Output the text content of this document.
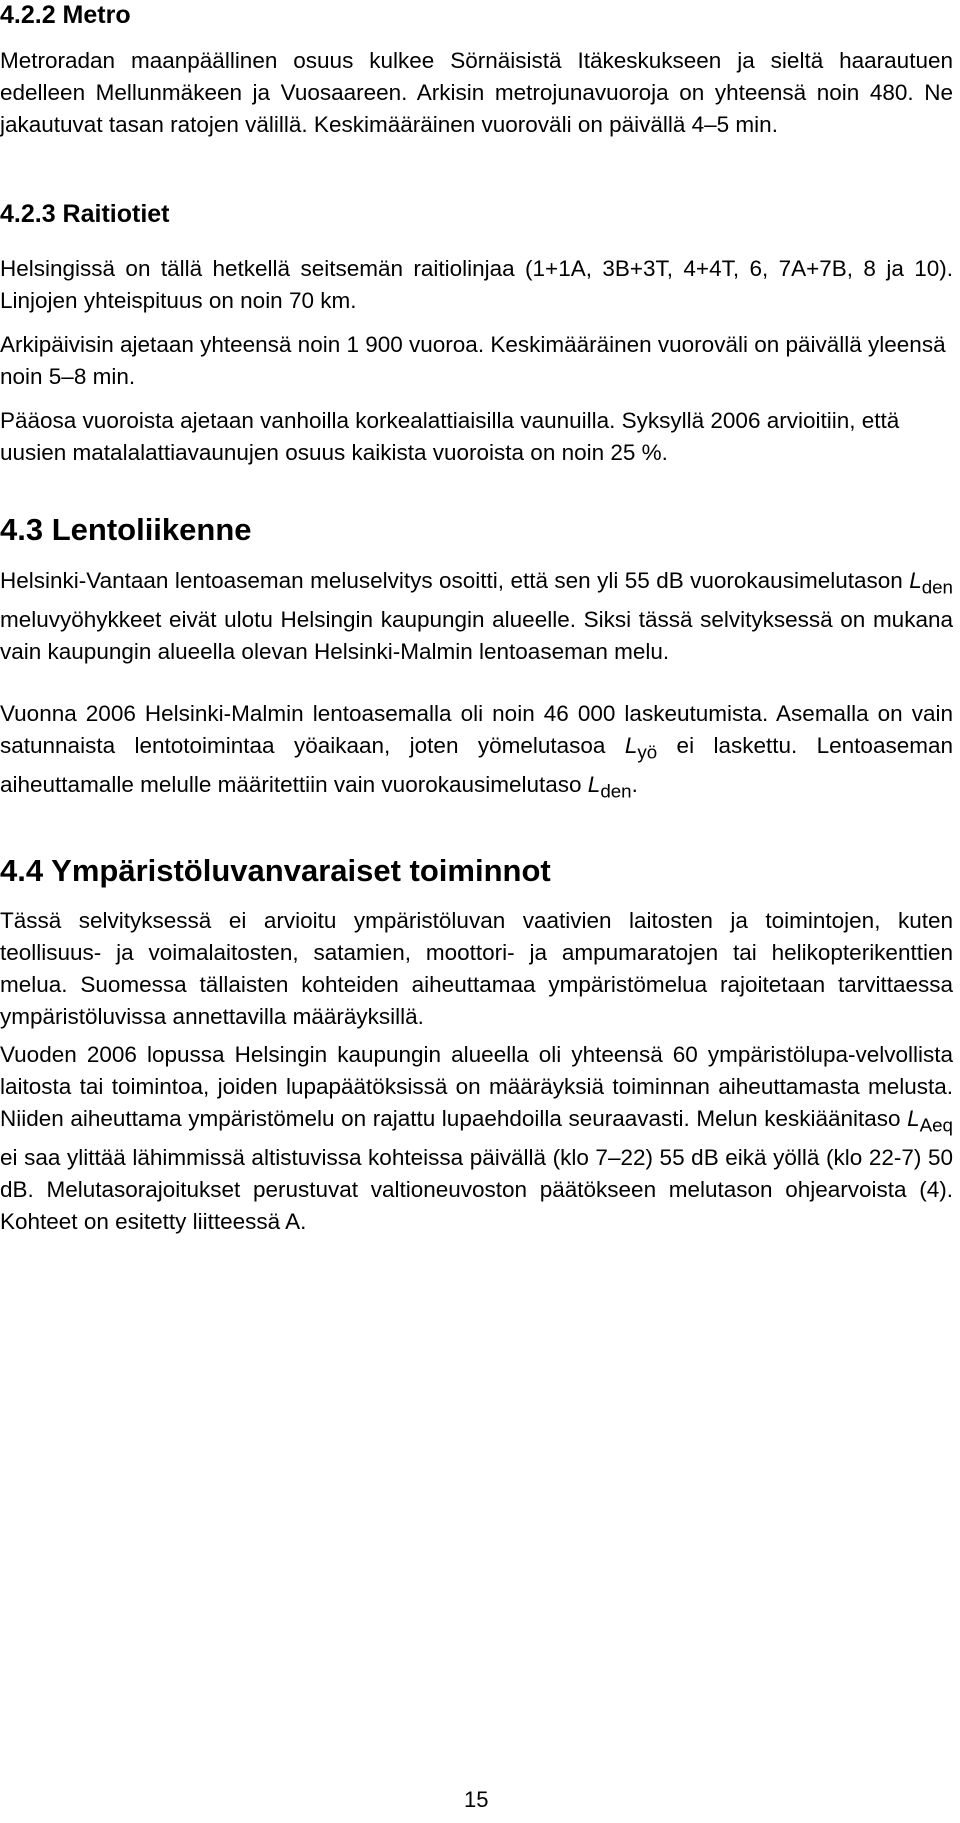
4.2.2 Metro

Metroradan maanpäällinen osuus kulkee Sörnäisistä Itäkeskukseen ja sieltä haarautuen edelleen Mellunmäkeen ja Vuosaareen. Arkisin metrojunavuoroja on yhteensä noin 480. Ne jakautuvat tasan ratojen välillä. Keskimääräinen vuoroväli on päivällä 4–5 min.

4.2.3 Raitiotiet

Helsingissä on tällä hetkellä seitsemän raitiolinjaa (1+1A, 3B+3T, 4+4T, 6, 7A+7B, 8 ja 10). Linjojen yhteispituus on noin 70 km.

Arkipäivisin ajetaan yhteensä noin 1 900 vuoroa. Keskimääräinen vuoroväli on päivällä yleensä noin 5–8 min.

Pääosa vuoroista ajetaan vanhoilla korkealattiaisilla vaunuilla. Syksyllä 2006 arvioitiin, että uusien matalalattiavaunujen osuus kaikista vuoroista on noin 25 %.

4.3 Lentoliikenne

Helsinki-Vantaan lentoaseman meluselvitys osoitti, että sen yli 55 dB vuorokausimelutason $L_{den}$ meluvyöhykkeet eivät ulotu Helsingin kaupungin alueelle. Siksi tässä selvityksessä on mukana vain kaupungin alueella olevan Helsinki-Malmin lentoaseman melu.

Vuonna 2006 Helsinki-Malmin lentoasemalla oli noin 46 000 laskeutumista. Asemalla on vain satunnaista lentotoimintaa yöaikaan, joten yömelutasoa $L_{yö}$ ei laskettu. Lentoaseman aiheuttamalle melulle määritettiin vain vuorokausimelutaso $L_{den}$.

4.4 Ympäristöluvanvaraiset toiminnot

Tässä selvityksessä ei arvioitu ympäristöluvan vaativien laitosten ja toimintojen, kuten teollisuus- ja voimalaitosten, satamien, moottori- ja ampumaratojen tai helikopterikenttien melua. Suomessa tällaisten kohteiden aiheuttamaa ympäristömelua rajoitetaan tarvittaessa ympäristöluvissa annettavilla määräyksillä.

Vuoden 2006 lopussa Helsingin kaupungin alueella oli yhteensä 60 ympäristölupa-velvollista laitosta tai toimintoa, joiden lupapäätöksissä on määräyksiä toiminnan aiheuttamasta melusta. Niiden aiheuttama ympäristömelu on rajattu lupaehdoilla seuraavasti. Melun keskiäänitaso $L_{Aeq}$ ei saa ylittää lähimmissä altistuvissa kohteissa päivällä (klo 7–22) 55 dB eikä yöllä (klo 22-7) 50 dB. Melutasorajoitukset perustuvat valtioneuvoston päätökseen melutason ohjearvoista (4). Kohteet on esitetty liitteessä A.

15
